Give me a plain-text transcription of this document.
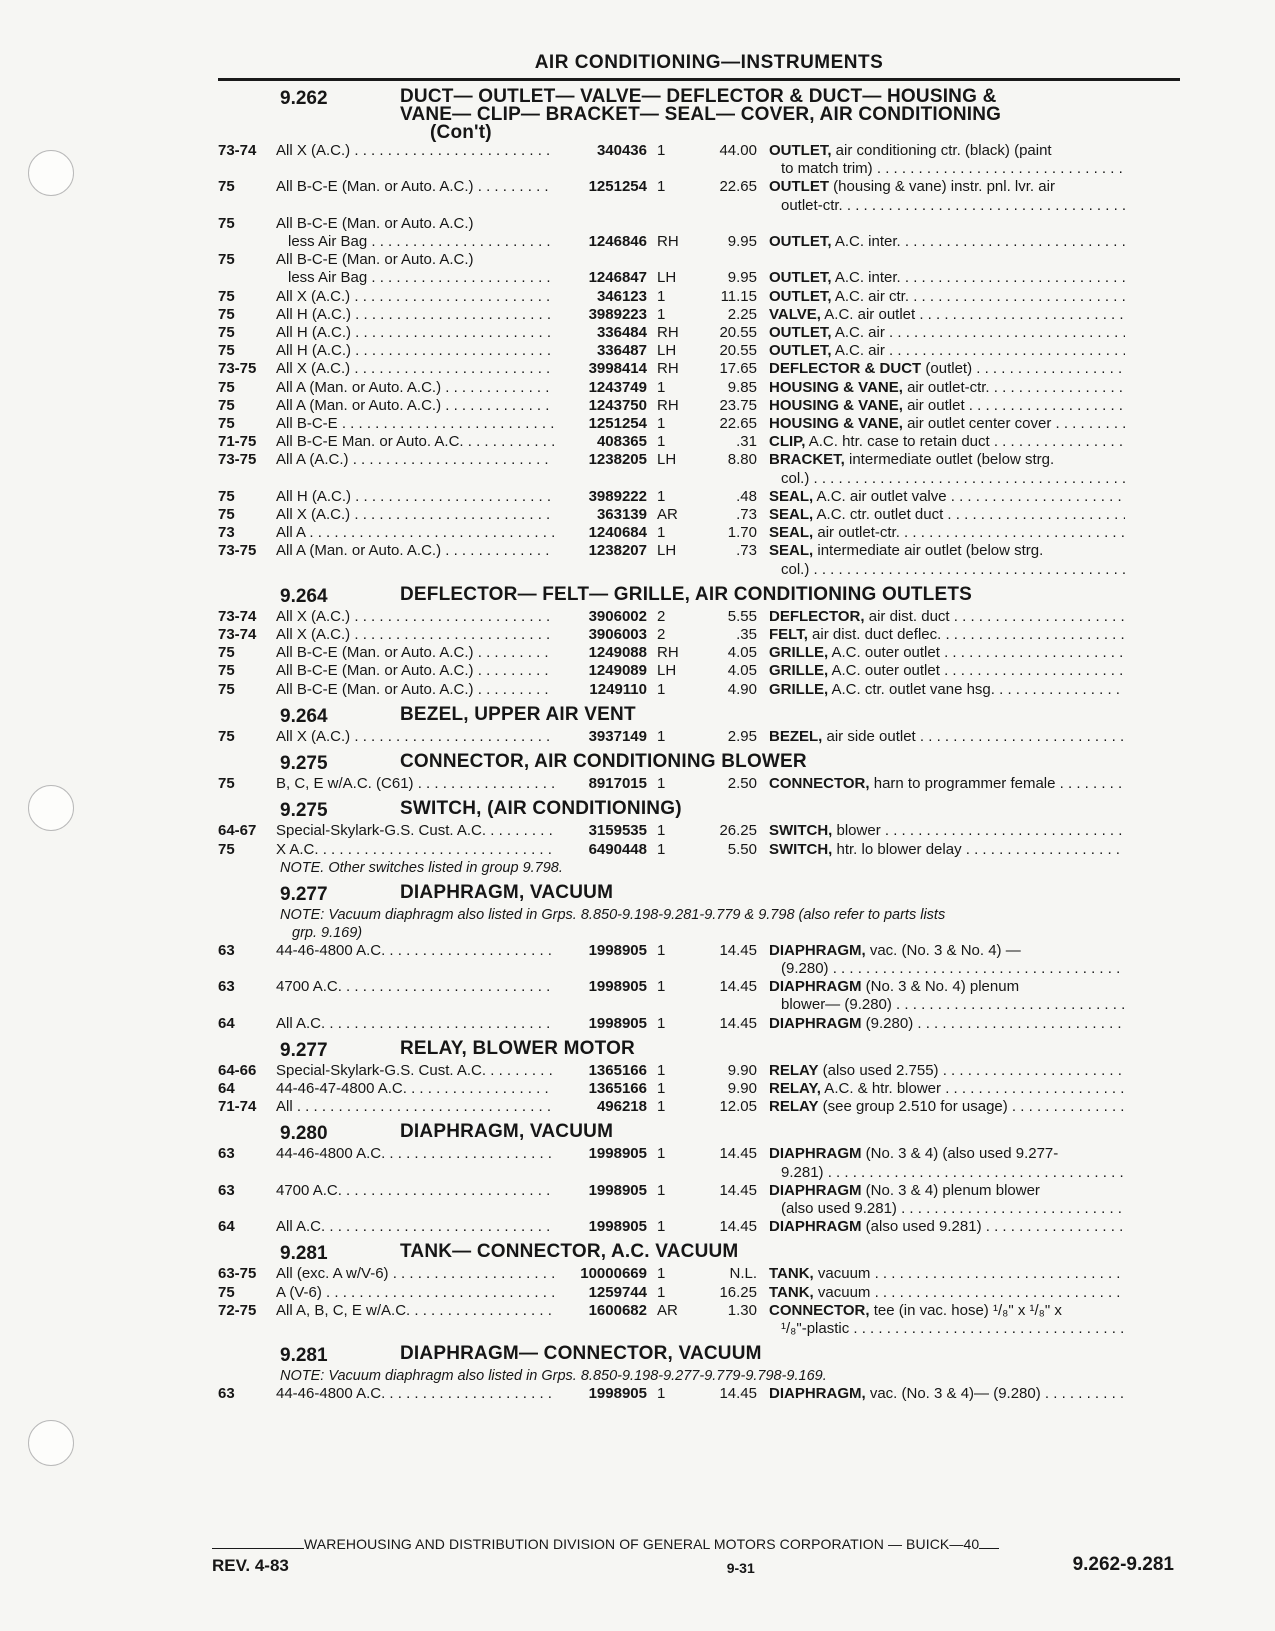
AIR CONDITIONING—INSTRUMENTS
9.262	DUCT— OUTLET— VALVE— DEFLECTOR & DUCT— HOUSING &
VANE— CLIP— BRACKET— SEAL— COVER, AIR CONDITIONING
(Con't)
73-74	All X (A.C.) . . .	340436 1	44.00 OUTLET, air conditioning ctr. (black) (paint
to match trim) . . .
75	All B-C-E (Man. or Auto. A.C.) . . .	1251254 1	22.65 OUTLET (housing & vane) instr. pnl. lvr. air
outlet-ctr. . . .
75	All B-C-E (Man. or Auto. A.C.)
less Air Bag . . .	1246846 RH	9.95 OUTLET, A.C. inter. . . .
75	All B-C-E (Man. or Auto. A.C.)
less Air Bag . . .	1246847 LH	9.95 OUTLET, A.C. inter. . . .
75	All X (A.C.) . . .	346123 1	11.15 OUTLET, A.C. air ctr. . . .
75	All H (A.C.) . . .	3989223 1	2.25 VALVE, A.C. air outlet . . .
75	All H (A.C.) . . .	336484 RH	20.55 OUTLET, A.C. air . . .
75	All H (A.C.) . . .	336487 LH	20.55 OUTLET, A.C. air . . .
73-75	All X (A.C.) . . .	3998414 RH	17.65 DEFLECTOR & DUCT (outlet) . . .
75	All A (Man. or Auto. A.C.) . . .	1243749 1	9.85 HOUSING & VANE, air outlet-ctr. . . .
75	All A (Man. or Auto. A.C.) . . .	1243750 RH	23.75 HOUSING & VANE, air outlet . . .
75	All B-C-E . . .	1251254 1	22.65 HOUSING & VANE, air outlet center cover . . .
71-75	All B-C-E Man. or Auto. A.C. . . .	408365 1	.31 CLIP, A.C. htr. case to retain duct . . .
73-75	All A (A.C.) . . .	1238205 LH	8.80 BRACKET, intermediate outlet (below strg.
col.) . . .
75	All H (A.C.) . . .	3989222 1	.48 SEAL, A.C. air outlet valve . . .
75	All X (A.C.) . . .	363139 AR	.73 SEAL, A.C. ctr. outlet duct . . .
73	All A . . .	1240684 1	1.70 SEAL, air outlet-ctr. . . .
73-75	All A (Man. or Auto. A.C.) . . .	1238207 LH	.73 SEAL, intermediate air outlet (below strg.
col.) . . .
9.264	DEFLECTOR— FELT— GRILLE, AIR CONDITIONING OUTLETS
73-74	All X (A.C.) . . .	3906002 2	5.55 DEFLECTOR, air dist. duct . . .
73-74	All X (A.C.) . . .	3906003 2	.35 FELT, air dist. duct deflec. . . .
75	All B-C-E (Man. or Auto. A.C.) . . .	1249088 RH	4.05 GRILLE, A.C. outer outlet . . .
75	All B-C-E (Man. or Auto. A.C.) . . .	1249089 LH	4.05 GRILLE, A.C. outer outlet . . .
75	All B-C-E (Man. or Auto. A.C.) . . .	1249110 1	4.90 GRILLE, A.C. ctr. outlet vane hsg. . . .
9.264	BEZEL, UPPER AIR VENT
75	All X (A.C.) . . .	3937149 1	2.95 BEZEL, air side outlet . . .
9.275	CONNECTOR, AIR CONDITIONING BLOWER
75	B, C, E w/A.C. (C61) . . .	8917015 1	2.50 CONNECTOR, harn to programmer female . . .
9.275	SWITCH, (AIR CONDITIONING)
64-67	Special-Skylark-G.S. Cust. A.C. . . .	3159535 1	26.25 SWITCH, blower . . .
75	X A.C. . . .	6490448 1	5.50 SWITCH, htr. lo blower delay . . .
NOTE. Other switches listed in group 9.798.
9.277	DIAPHRAGM, VACUUM
NOTE: Vacuum diaphragm also listed in Grps. 8.850-9.198-9.281-9.779 & 9.798 (also refer to parts lists
grp. 9.169)
63	44-46-4800 A.C. . . .	1998905 1	14.45 DIAPHRAGM, vac. (No. 3 & No. 4) —
(9.280) . . .
63	4700 A.C. . . .	1998905 1	14.45 DIAPHRAGM (No. 3 & No. 4) plenum
blower— (9.280) . . .
64	All A.C. . . .	1998905 1	14.45 DIAPHRAGM (9.280) . . .
9.277	RELAY, BLOWER MOTOR
64-66	Special-Skylark-G.S. Cust. A.C. . . .	1365166 1	9.90 RELAY (also used 2.755) . . .
64	44-46-47-4800 A.C. . . .	1365166 1	9.90 RELAY, A.C. & htr. blower . . .
71-74	All . . .	496218 1	12.05 RELAY (see group 2.510 for usage) . . .
9.280	DIAPHRAGM, VACUUM
63	44-46-4800 A.C. . . .	1998905 1	14.45 DIAPHRAGM (No. 3 & 4) (also used 9.277-
9.281) . . .
63	4700 A.C. . . .	1998905 1	14.45 DIAPHRAGM (No. 3 & 4) plenum blower
(also used 9.281) . . .
64	All A.C. . . .	1998905 1	14.45 DIAPHRAGM (also used 9.281) . . .
9.281	TANK— CONNECTOR, A.C. VACUUM
63-75	All (exc. A w/V-6) . . .	10000669 1	N.L. TANK, vacuum . . .
75	A (V-6) . . .	1259744 1	16.25 TANK, vacuum . . .
72-75	All A, B, C, E w/A.C. . . .	1600682 AR	1.30 CONNECTOR, tee (in vac. hose) ¹/₈" x ¹/₈" x
¹/₈"-plastic . . .
9.281	DIAPHRAGM— CONNECTOR, VACUUM
NOTE: Vacuum diaphragm also listed in Grps. 8.850-9.198-9.277-9.779-9.798-9.169.
63	44-46-4800 A.C. . . .	1998905 1	14.45 DIAPHRAGM, vac. (No. 3 & 4)— (9.280) . . .
WAREHOUSING AND DISTRIBUTION DIVISION OF GENERAL MOTORS CORPORATION — BUICK—40
REV. 4-83	9-31	9.262-9.281
